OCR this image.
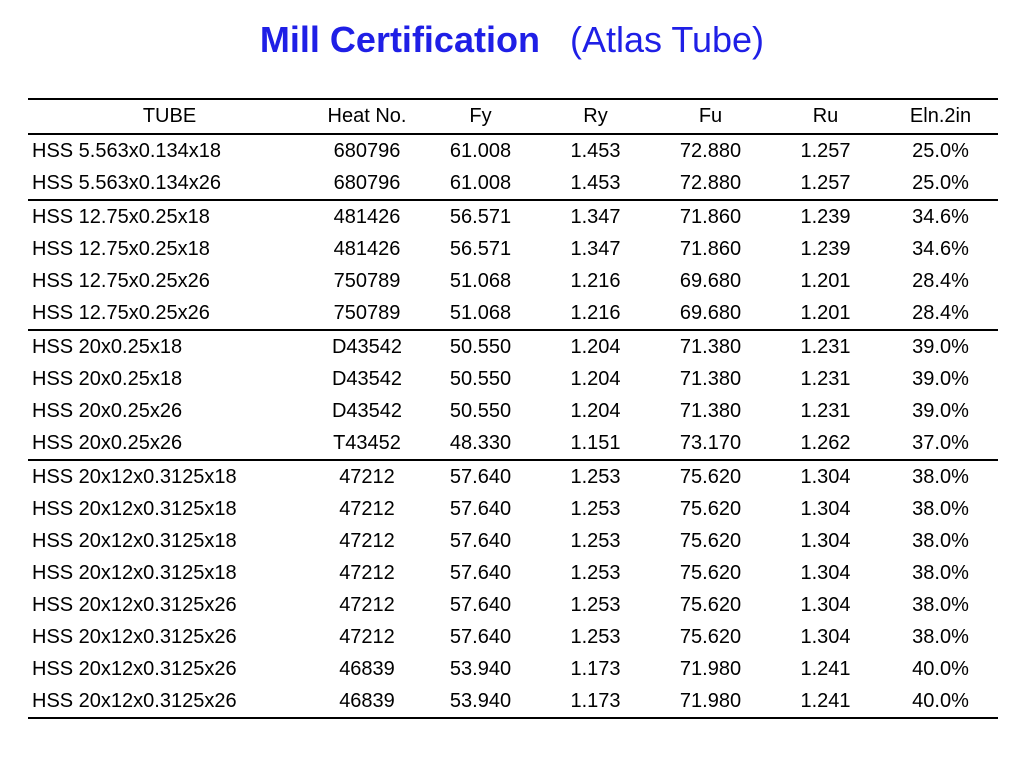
Mill Certification (Atlas Tube)
TUBE	Heat No.	Fy	Ry	Fu	Ru	Eln.2in
HSS 5.563x0.134x18	680796	61.008	1.453	72.880	1.257	25.0%
HSS 5.563x0.134x26	680796	61.008	1.453	72.880	1.257	25.0%
HSS 12.75x0.25x18	481426	56.571	1.347	71.860	1.239	34.6%
HSS 12.75x0.25x18	481426	56.571	1.347	71.860	1.239	34.6%
HSS 12.75x0.25x26	750789	51.068	1.216	69.680	1.201	28.4%
HSS 12.75x0.25x26	750789	51.068	1.216	69.680	1.201	28.4%
HSS 20x0.25x18	D43542	50.550	1.204	71.380	1.231	39.0%
HSS 20x0.25x18	D43542	50.550	1.204	71.380	1.231	39.0%
HSS 20x0.25x26	D43542	50.550	1.204	71.380	1.231	39.0%
HSS 20x0.25x26	T43452	48.330	1.151	73.170	1.262	37.0%
HSS 20x12x0.3125x18	47212	57.640	1.253	75.620	1.304	38.0%
HSS 20x12x0.3125x18	47212	57.640	1.253	75.620	1.304	38.0%
HSS 20x12x0.3125x18	47212	57.640	1.253	75.620	1.304	38.0%
HSS 20x12x0.3125x18	47212	57.640	1.253	75.620	1.304	38.0%
HSS 20x12x0.3125x26	47212	57.640	1.253	75.620	1.304	38.0%
HSS 20x12x0.3125x26	47212	57.640	1.253	75.620	1.304	38.0%
HSS 20x12x0.3125x26	46839	53.940	1.173	71.980	1.241	40.0%
HSS 20x12x0.3125x26	46839	53.940	1.173	71.980	1.241	40.0%
